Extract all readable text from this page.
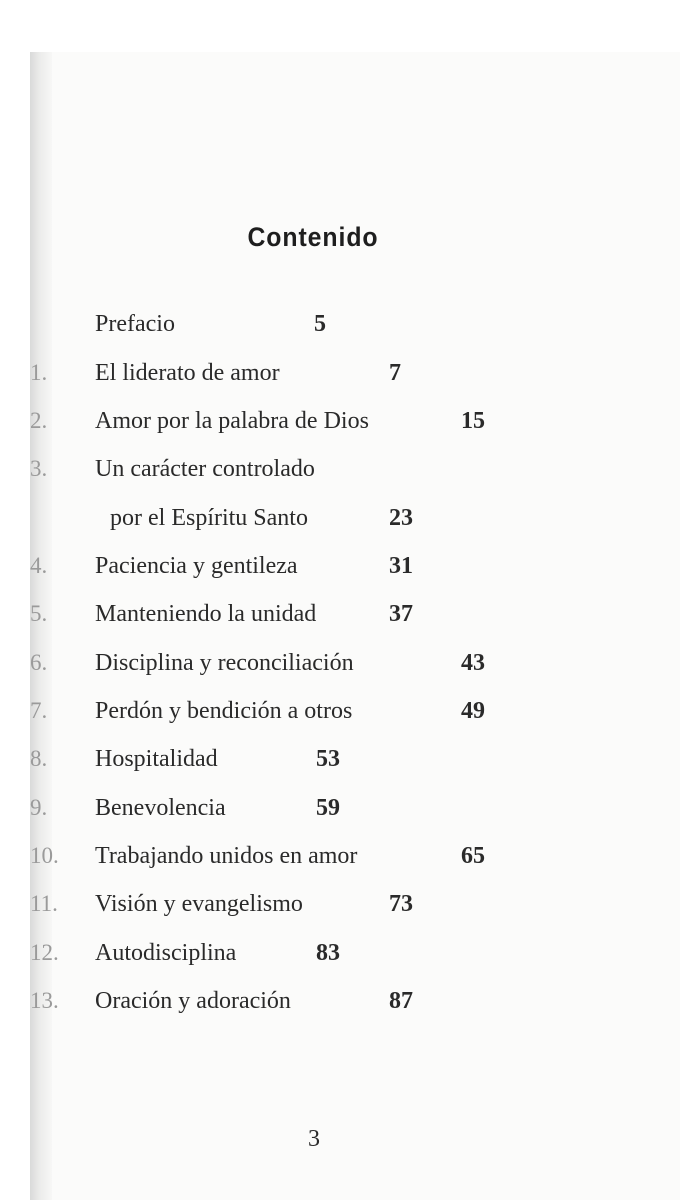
Contenido
Prefacio	5
1. El liderato de amor	7
2. Amor por la palabra de Dios	15
3. Un carácter controlado
por el Espíritu Santo	23
4. Paciencia y gentileza	31
5. Manteniendo la unidad	37
6. Disciplina y reconciliación	43
7. Perdón y bendición a otros	49
8. Hospitalidad	53
9. Benevolencia	59
10. Trabajando unidos en amor	65
11. Visión y evangelismo	73
12. Autodisciplina	83
13. Oración y adoración	87
3
